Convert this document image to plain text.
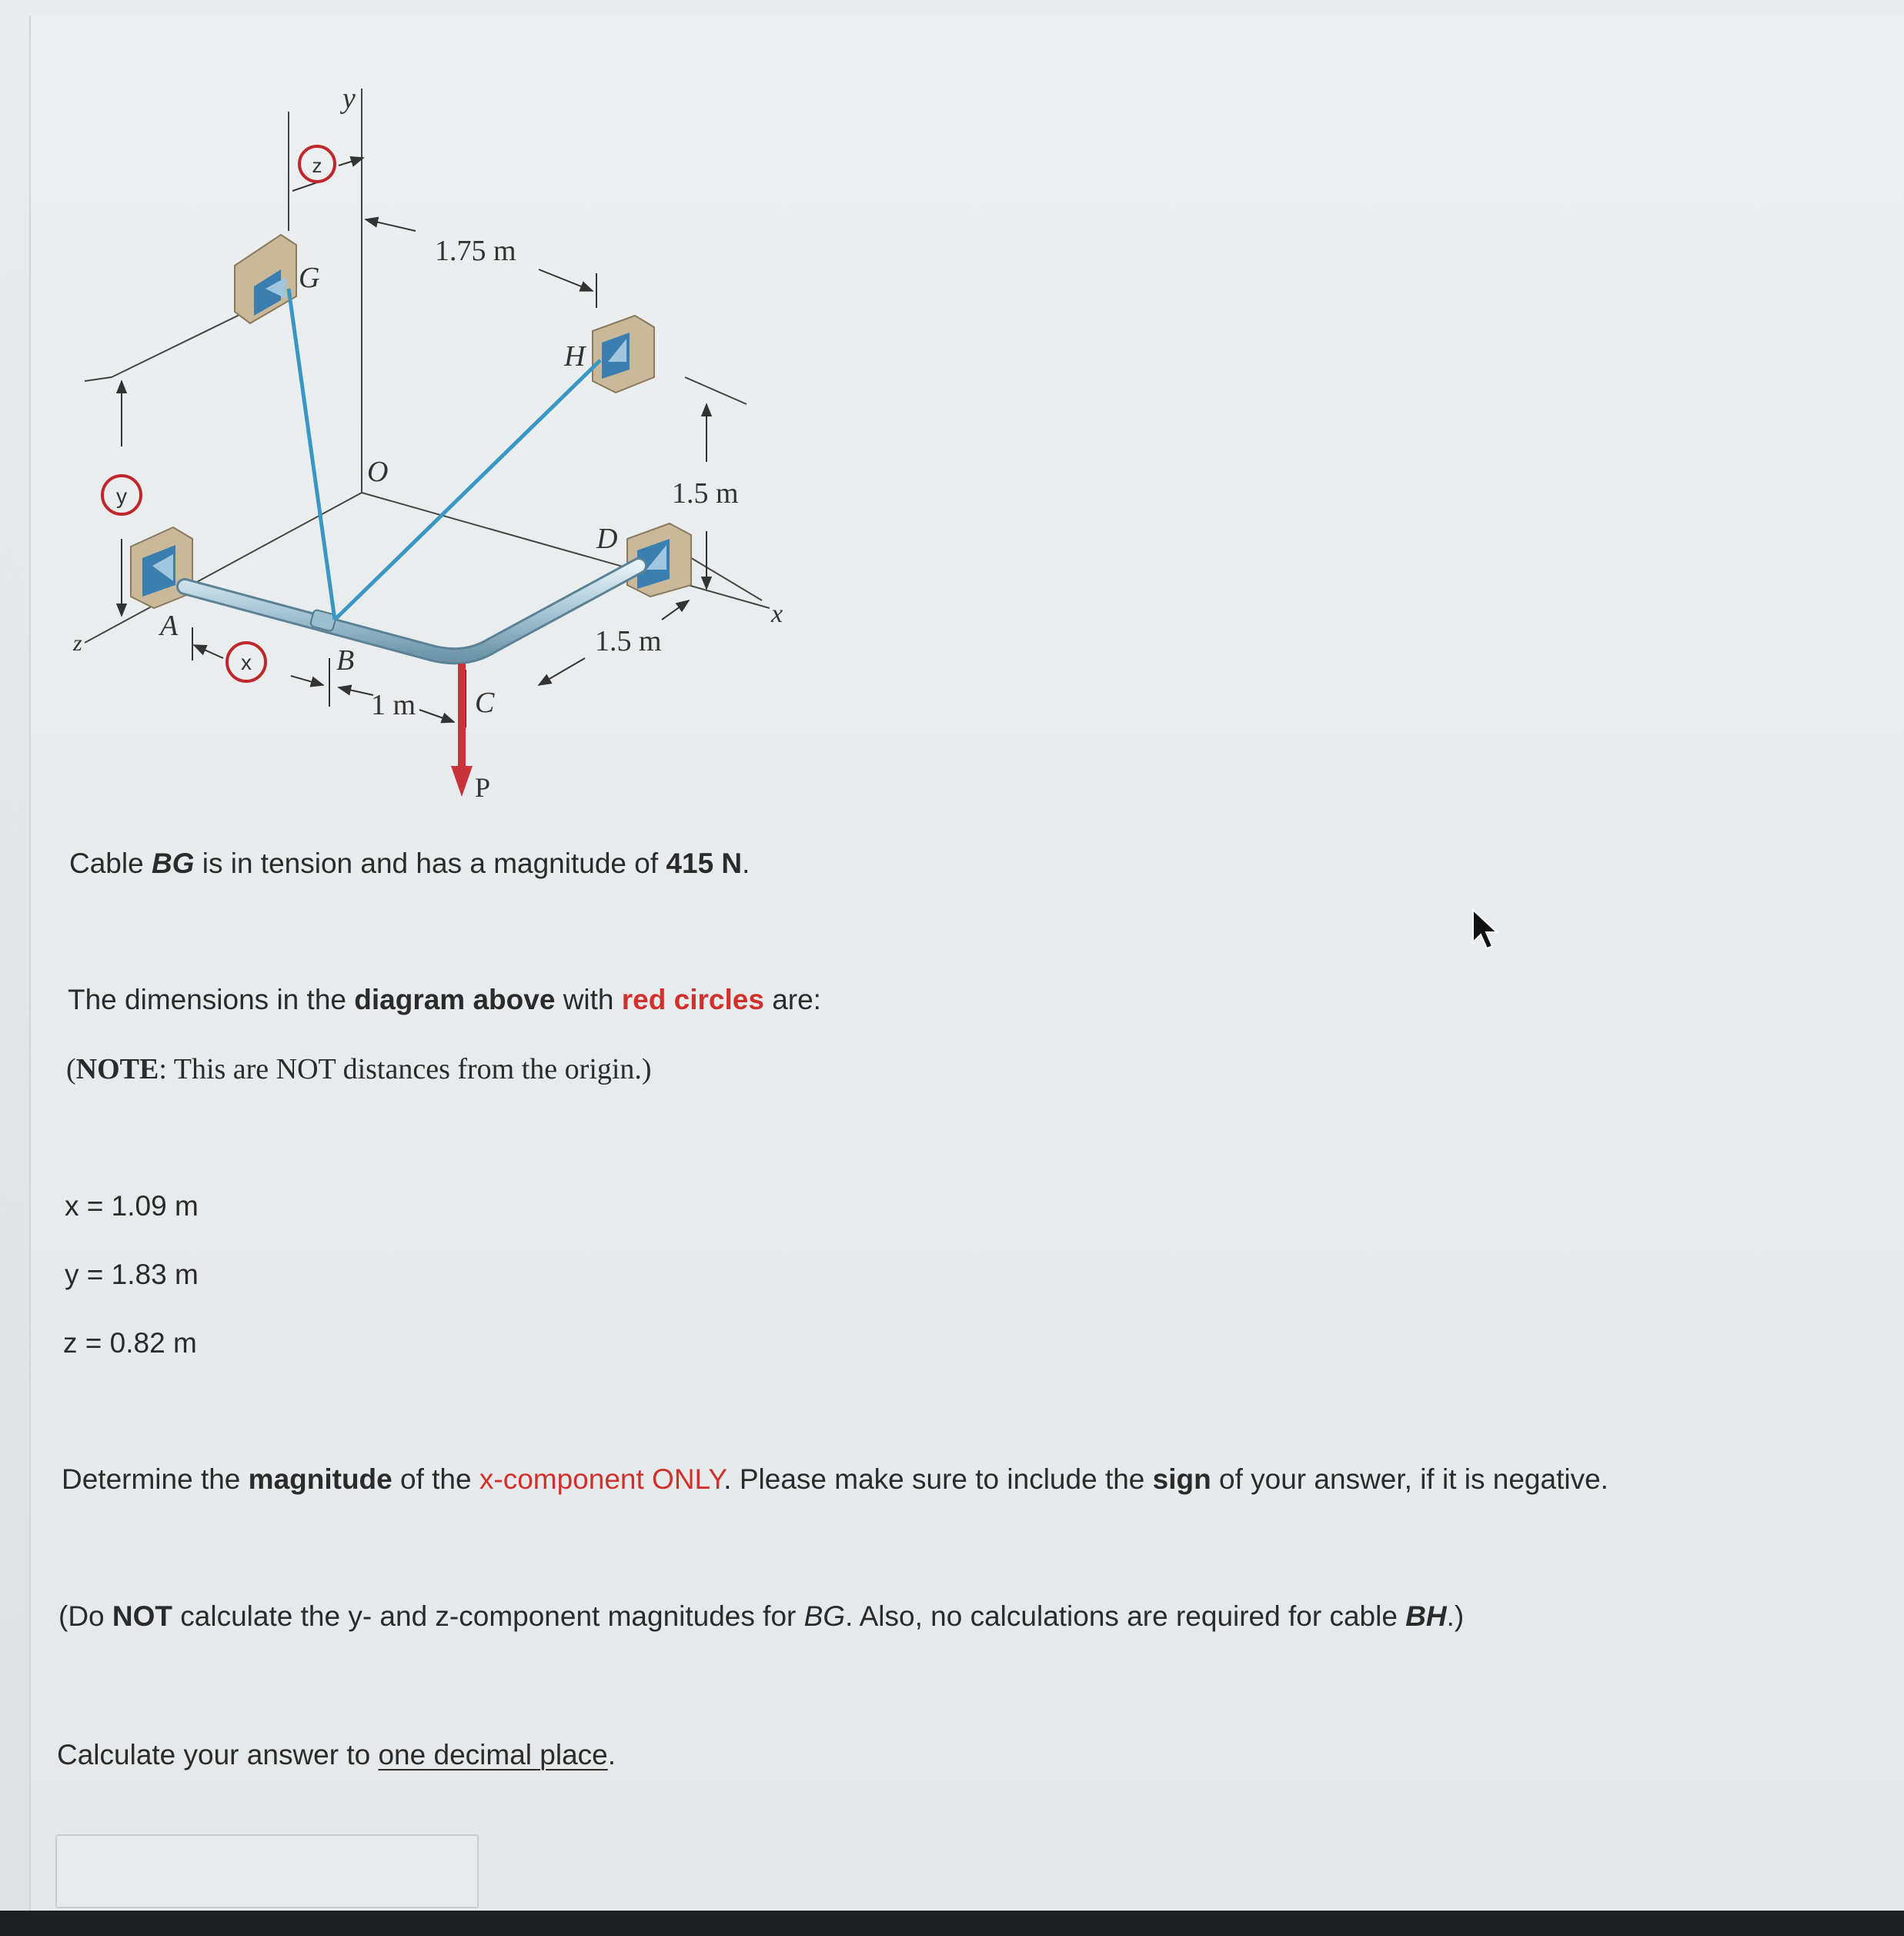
z
y
x
y
x
z
G
H
O
D
A
B
C
P
1.75 m
1.5 m
1.5 m
1 m
Cable BG is in tension and has a magnitude of 415 N.
The dimensions in the diagram above with red circles are:
(NOTE: This are NOT distances from the origin.)
x = 1.09 m
y = 1.83 m
z = 0.82 m
Determine the magnitude of the x-component ONLY. Please make sure to include the sign of your answer, if it is negative.
(Do NOT calculate the y- and z-component magnitudes for BG. Also, no calculations are required for cable BH.)
Calculate your answer to one decimal place.
